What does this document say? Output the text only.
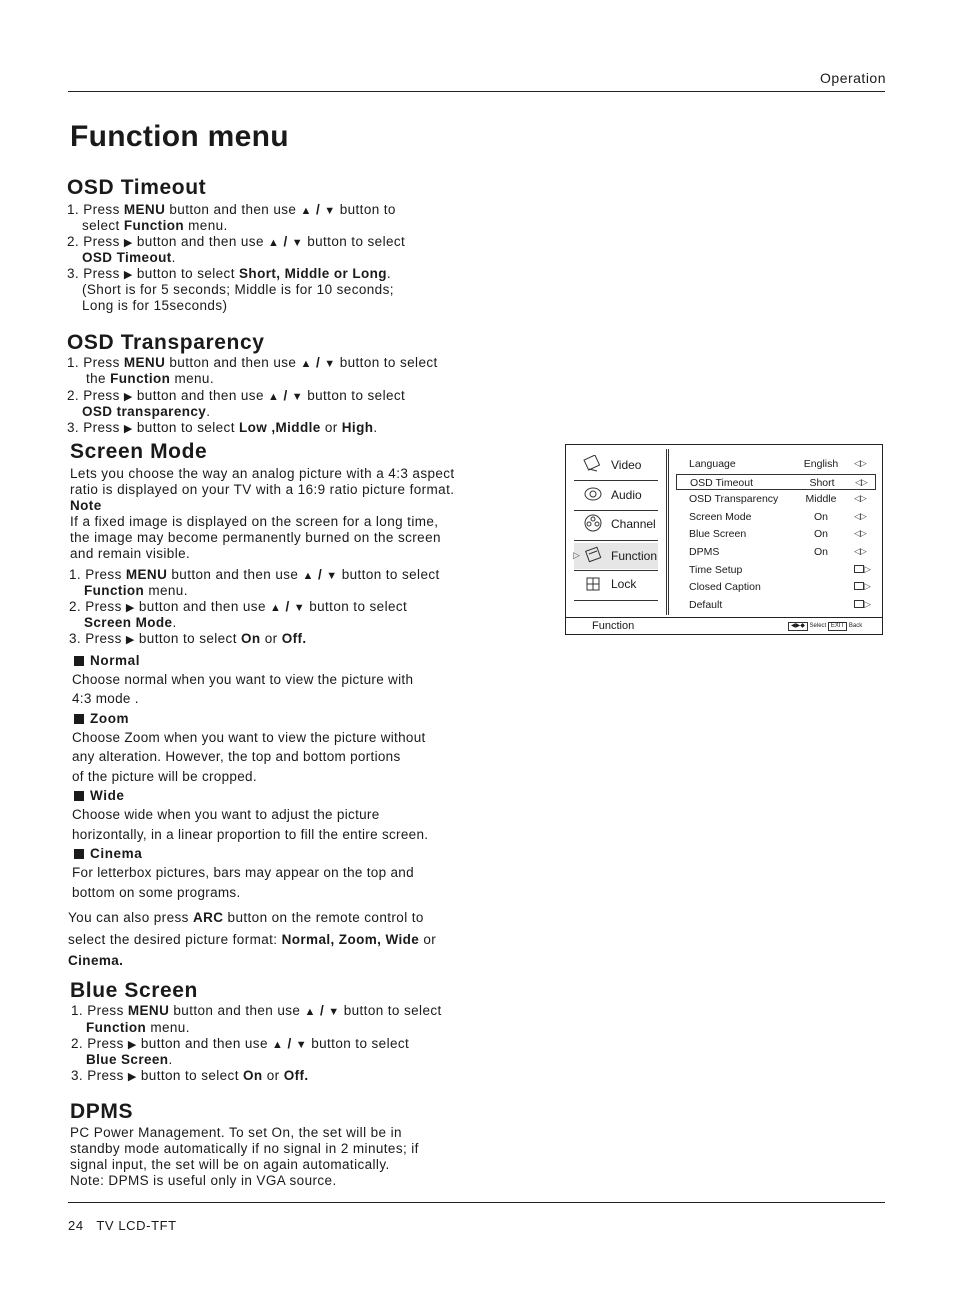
Operation
Function menu
OSD Timeout
1. Press MENU button and then use ▲ / ▼ button to
select Function menu.
2. Press ▶ button and then use ▲ / ▼ button to select
OSD Timeout.
3. Press ▶ button to select Short, Middle or Long.
(Short is for 5 seconds; Middle is for 10 seconds;
Long is for 15seconds)
OSD Transparency
1. Press MENU button and then use ▲ / ▼ button to select
the Function menu.
2. Press ▶ button and then use ▲ / ▼ button to select
OSD transparency.
3. Press ▶ button to select Low ,Middle or High.
Screen Mode
Lets you choose the way an analog picture with a 4:3 aspect
ratio is displayed on your TV with a 16:9 ratio picture format.
Note
If a fixed image is displayed on the screen for a long time,
the image may become permanently burned on the screen
and remain visible.
1. Press MENU button and then use ▲ / ▼ button to select
Function menu.
2. Press ▶ button and then use ▲ / ▼ button to select
Screen Mode.
3. Press ▶ button to select On or Off.
Normal
Choose normal when you want to view the picture with
4:3 mode .
Zoom
Choose Zoom when you want to view the picture without
any alteration. However, the top and bottom portions
of the picture will be cropped.
Wide
Choose wide when you want to adjust the picture
horizontally, in a linear proportion to fill the entire screen.
Cinema
For letterbox pictures, bars may appear on the top and
bottom on some programs.
You can also press ARC button on the remote control to
select the desired picture format: Normal, Zoom, Wide or
Cinema.
Blue Screen
1. Press MENU button and then use ▲ / ▼ button to select
Function menu.
2. Press ▶ button and then use ▲ / ▼ button to select
Blue Screen.
3. Press ▶ button to select On or Off.
DPMS
PC Power Management. To set On, the set will be in
standby mode automatically if no signal in 2 minutes; if
signal input, the set will be on again automatically.
Note: DPMS is useful only in VGA source.
Video
Audio
Channel
▷	Function
Lock
Language	English	◁▷
OSD Timeout	Short	◁▷
OSD Transparency	Middle	◁▷
Screen Mode	On	◁▷
Blue Screen	On	◁▷
DPMS	On	◁▷
Time Setup	▷
Closed Caption	▷
Default	▷
Function	◀▶◆ Select EXIT Back
24 TV LCD-TFT
